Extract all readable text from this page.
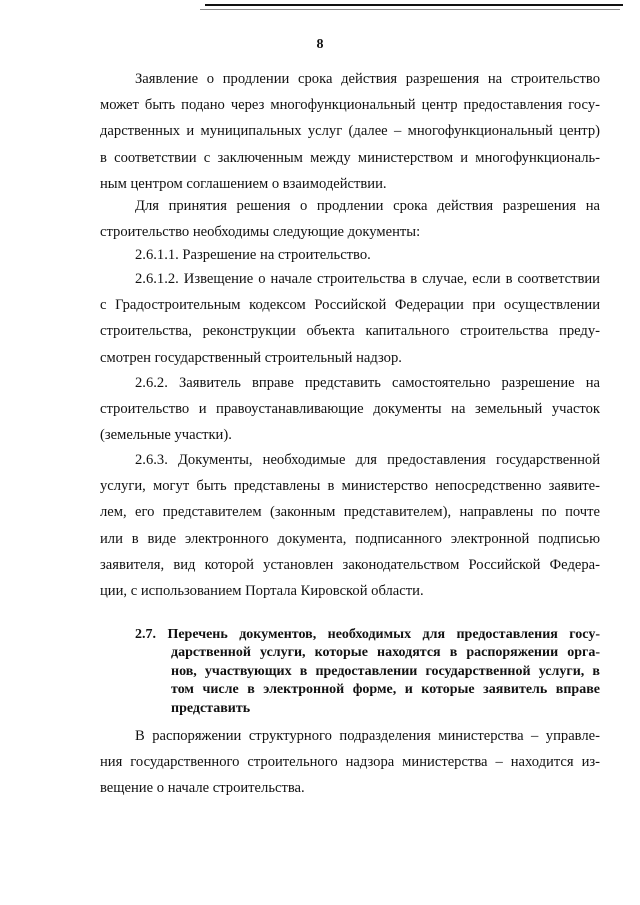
8
Заявление о продлении срока действия разрешения на строительство
может быть подано через многофункциональный центр предоставления госу-
дарственных и муниципальных услуг (далее – многофункциональный центр)
в соответствии с заключенным между министерством и многофункциональ-
ным центром соглашением о взаимодействии.
Для принятия решения о продлении срока действия разрешения на
строительство необходимы следующие документы:
2.6.1.1. Разрешение на строительство.
2.6.1.2. Извещение о начале строительства в случае, если в соответствии
с Градостроительным кодексом Российской Федерации при осуществлении
строительства, реконструкции объекта капитального строительства преду-
смотрен государственный строительный надзор.
2.6.2. Заявитель вправе представить самостоятельно разрешение на
строительство и правоустанавливающие документы на земельный участок
(земельные участки).
2.6.3. Документы, необходимые для предоставления государственной
услуги, могут быть представлены в министерство непосредственно заявите-
лем, его представителем (законным представителем), направлены по почте
или в виде электронного документа, подписанного электронной подписью
заявителя, вид которой установлен законодательством Российской Федера-
ции, с использованием Портала Кировской области.
2.7. Перечень документов, необходимых для предоставления госу-
дарственной услуги, которые находятся в распоряжении орга-
нов, участвующих в предоставлении государственной услуги, в
том числе в электронной форме, и которые заявитель вправе
представить
В распоряжении структурного подразделения министерства – управле-
ния государственного строительного надзора министерства – находится из-
вещение о начале строительства.
